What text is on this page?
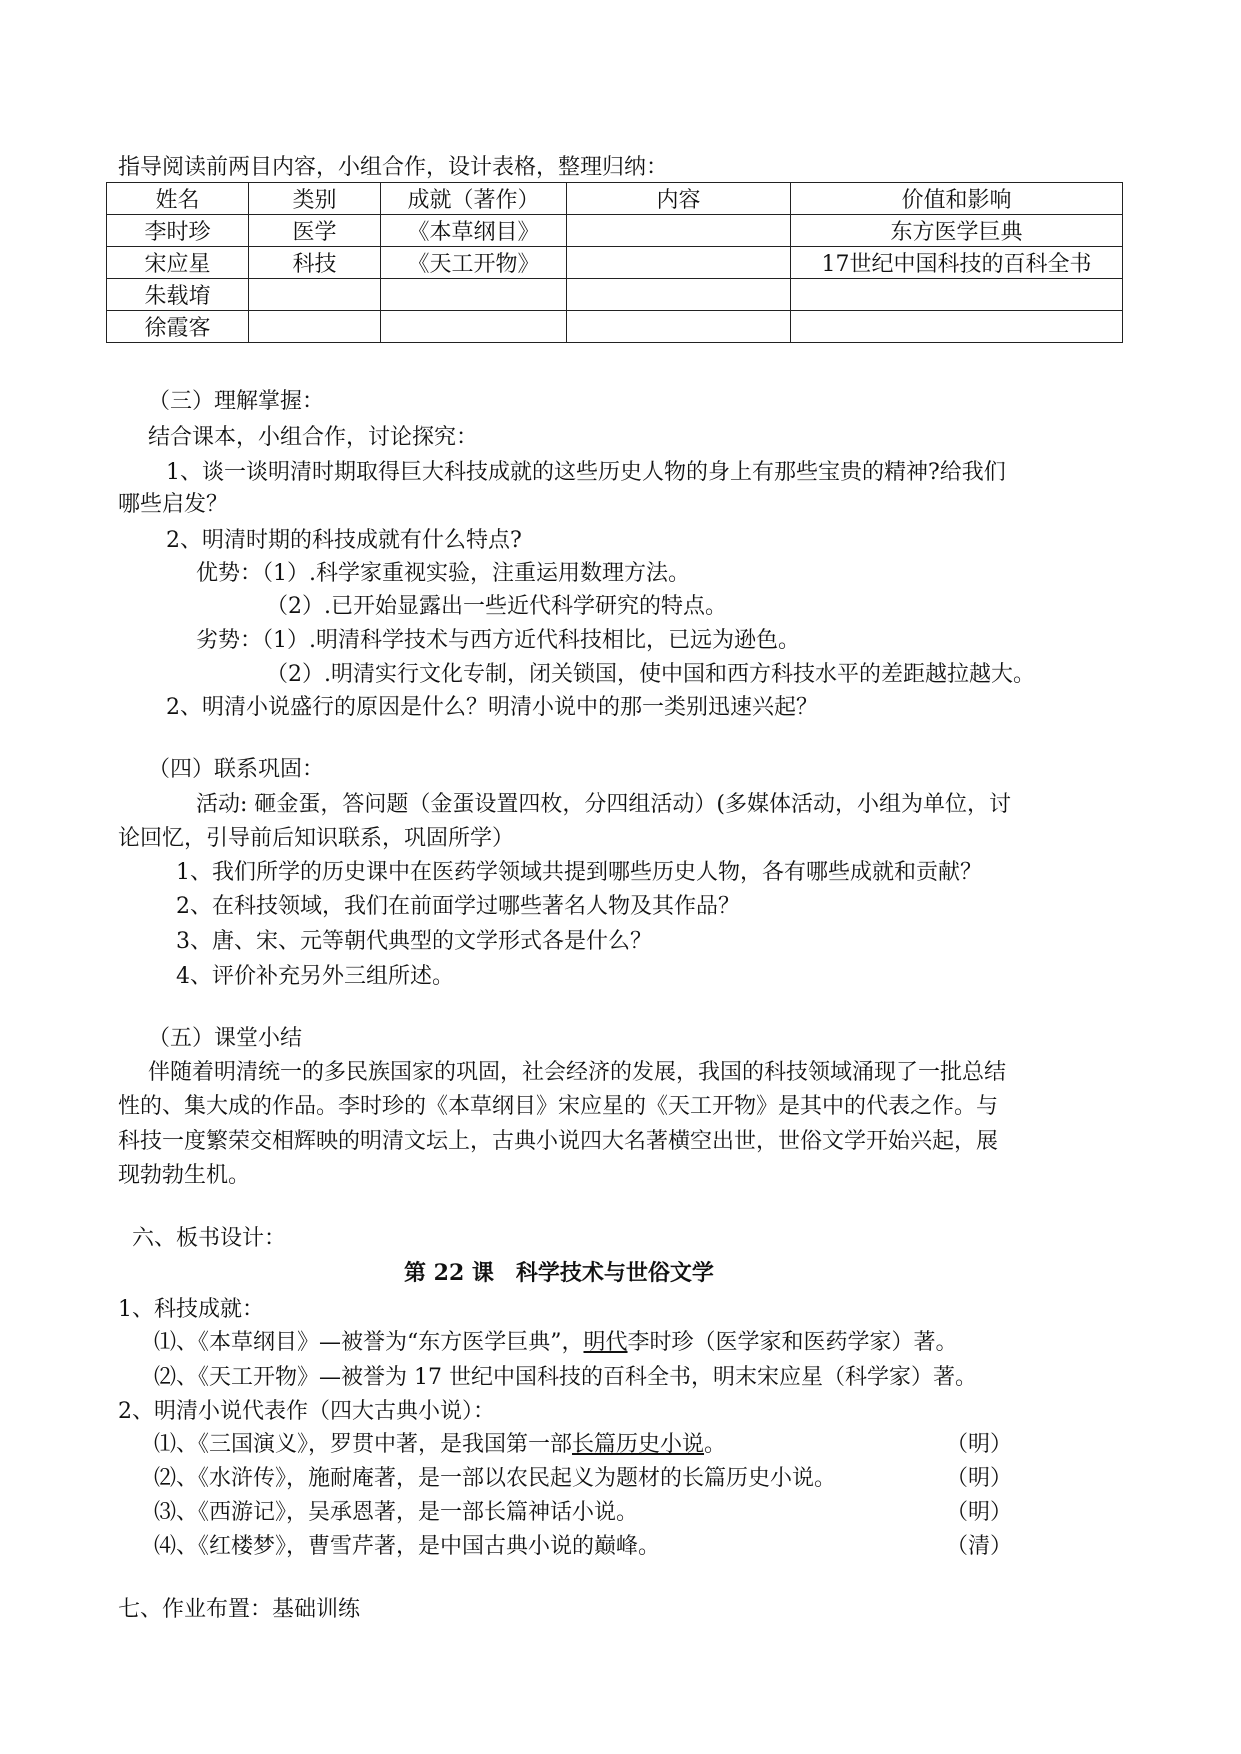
指导阅读前两目内容，小组合作，设计表格，整理归纳：
姓名	类别	成就（著作）	内容	价值和影响
李时珍	医学	《本草纲目》		东方医学巨典
宋应星	科技	《天工开物》		17世纪中国科技的百科全书
朱载堉				
徐霞客				
（三）理解掌握：
结合课本，小组合作，讨论探究：
1、谈一谈明清时期取得巨大科技成就的这些历史人物的身上有那些宝贵的精神?给我们
哪些启发？
2、明清时期的科技成就有什么特点?
优势：（1）.科学家重视实验，注重运用数理方法。
（2）.已开始显露出一些近代科学研究的特点。
劣势：（1）.明清科学技术与西方近代科技相比，已远为逊色。
（2）.明清实行文化专制，闭关锁国，使中国和西方科技水平的差距越拉越大。
2、明清小说盛行的原因是什么？明清小说中的那一类别迅速兴起？
（四）联系巩固：
活动: 砸金蛋，答问题（金蛋设置四枚，分四组活动）(多媒体活动，小组为单位，讨
论回忆，引导前后知识联系，巩固所学）
1、我们所学的历史课中在医药学领域共提到哪些历史人物，各有哪些成就和贡献？
2、在科技领域，我们在前面学过哪些著名人物及其作品？
3、唐、宋、元等朝代典型的文学形式各是什么？
4、评价补充另外三组所述。
（五）课堂小结
伴随着明清统一的多民族国家的巩固，社会经济的发展，我国的科技领域涌现了一批总结
性的、集大成的作品。李时珍的《本草纲目》宋应星的《天工开物》是其中的代表之作。与
科技一度繁荣交相辉映的明清文坛上，古典小说四大名著横空出世，世俗文学开始兴起，展
现勃勃生机。
六、板书设计：
第 22 课　科学技术与世俗文学
1、科技成就：
⑴、《本草纲目》—被誉为“东方医学巨典”，明代李时珍（医学家和医药学家）著。
⑵、《天工开物》—被誉为 17 世纪中国科技的百科全书，明末宋应星（科学家）著。
2、明清小说代表作（四大古典小说）：
⑴、《三国演义》，罗贯中著，是我国第一部长篇历史小说。	（明）
⑵、《水浒传》，施耐庵著，是一部以农民起义为题材的长篇历史小说。	（明）
⑶、《西游记》，吴承恩著，是一部长篇神话小说。	（明）
⑷、《红楼梦》，曹雪芹著，是中国古典小说的巅峰。	（清）
七、作业布置：基础训练
